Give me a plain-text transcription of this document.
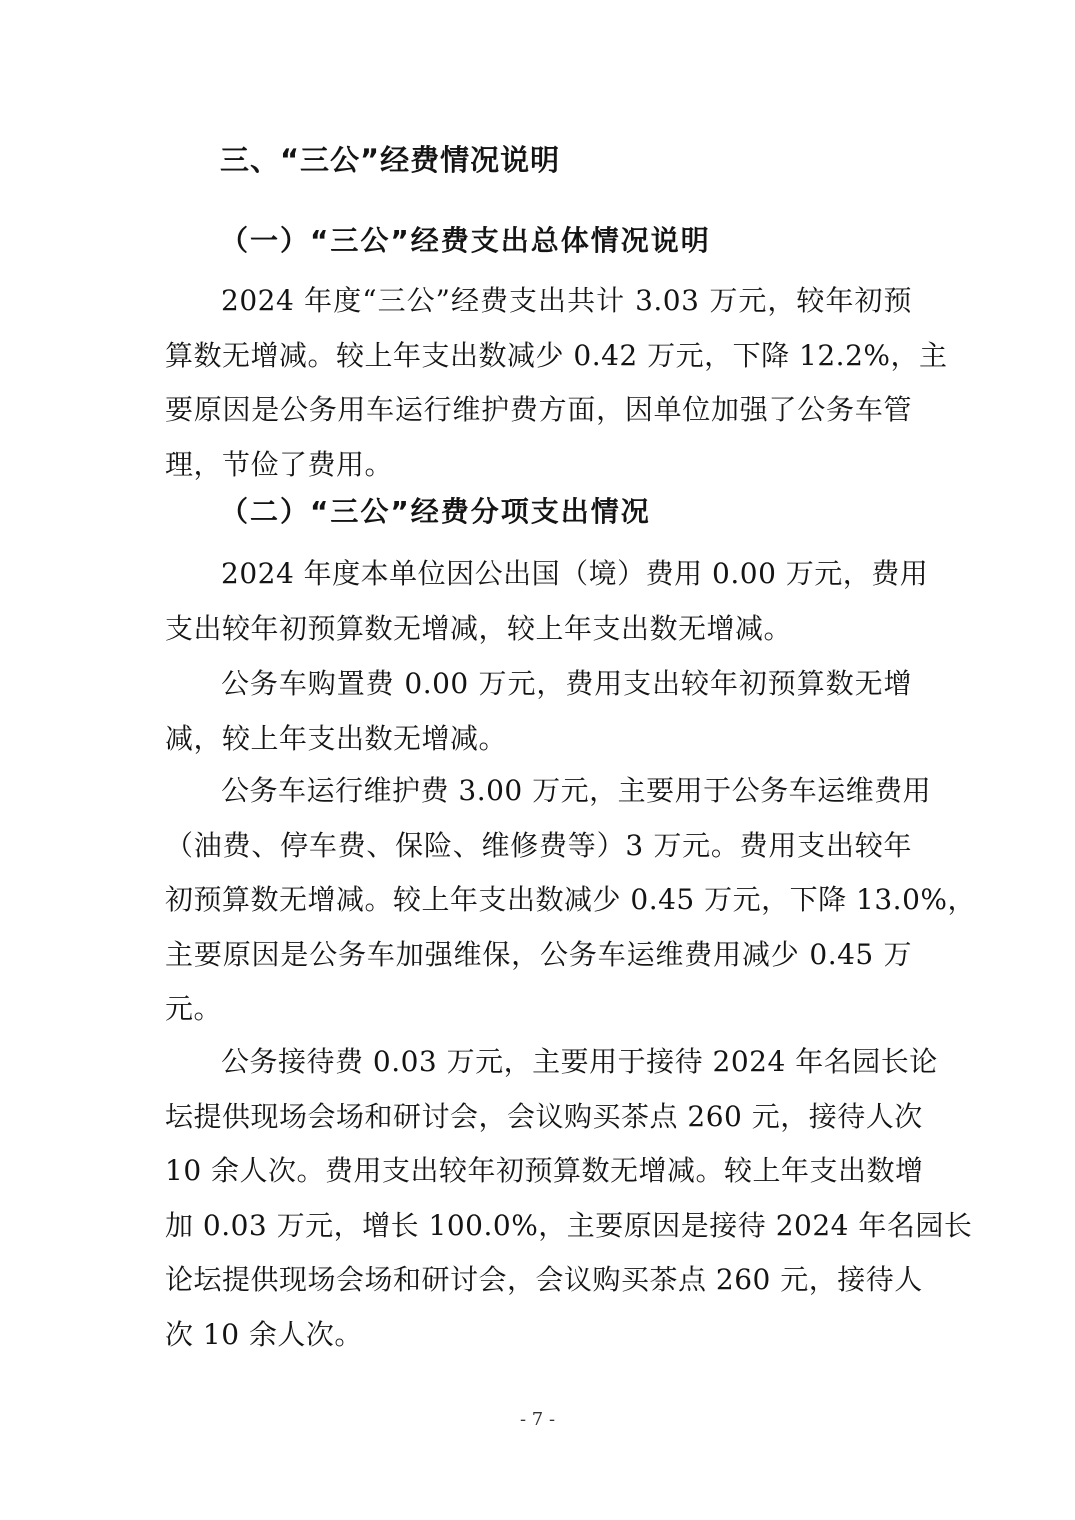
三、“三公”经费情况说明
（一）“三公”经费支出总体情况说明
2024 年度“三公”经费支出共计 3.03 万元，较年初预
算数无增减。较上年支出数减少 0.42 万元，下降 12.2%，主
要原因是公务用车运行维护费方面，因单位加强了公务车管
理，节俭了费用。
（二）“三公”经费分项支出情况
2024 年度本单位因公出国（境）费用 0.00 万元，费用
支出较年初预算数无增减，较上年支出数无增减。
公务车购置费 0.00 万元，费用支出较年初预算数无增
减，较上年支出数无增减。
公务车运行维护费 3.00 万元，主要用于公务车运维费用
（油费、停车费、保险、维修费等）3 万元。费用支出较年
初预算数无增减。较上年支出数减少 0.45 万元，下降 13.0%，
主要原因是公务车加强维保，公务车运维费用减少 0.45 万
元。
公务接待费 0.03 万元，主要用于接待 2024 年名园长论
坛提供现场会场和研讨会，会议购买茶点 260 元，接待人次
10 余人次。费用支出较年初预算数无增减。较上年支出数增
加 0.03 万元，增长 100.0%，主要原因是接待 2024 年名园长
论坛提供现场会场和研讨会，会议购买茶点 260 元，接待人
次 10 余人次。
- 7 -
